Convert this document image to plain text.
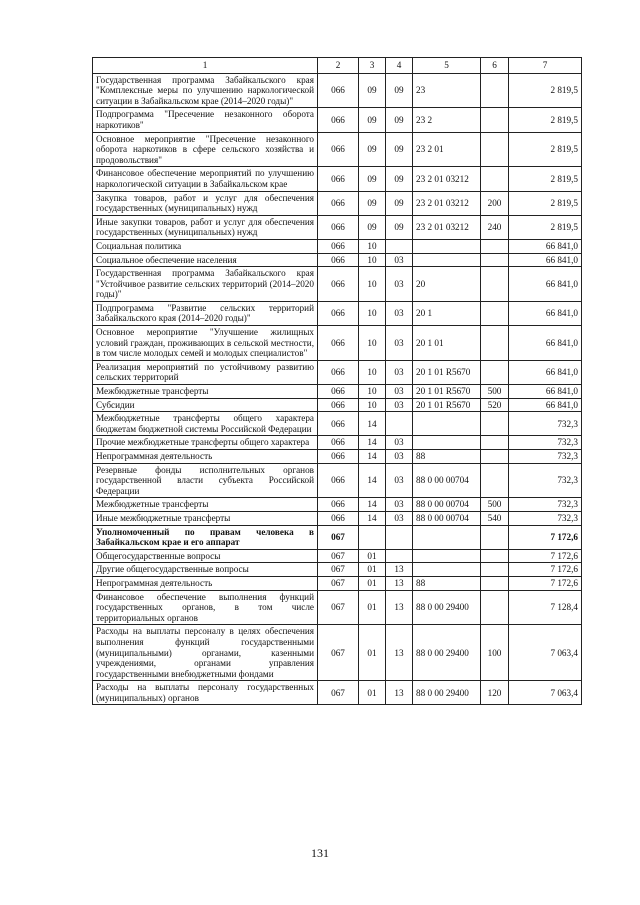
1	2	3	4	5	6	7
Государственная программа Забайкальского края "Комплексные меры по улучшению наркологической ситуации в Забайкальском крае (2014–2020 годы)"	066	09	09	23		2 819,5
Подпрограмма "Пресечение незаконного оборота наркотиков"	066	09	09	23 2		2 819,5
Основное мероприятие "Пресечение незаконного оборота наркотиков в сфере сельского хозяйства и продовольствия"	066	09	09	23 2 01		2 819,5
Финансовое обеспечение мероприятий по улучшению наркологической ситуации в Забайкальском крае	066	09	09	23 2 01 03212		2 819,5
Закупка товаров, работ и услуг для обеспечения государственных (муниципальных) нужд	066	09	09	23 2 01 03212	200	2 819,5
Иные закупки товаров, работ и услуг для обеспечения государственных (муниципальных) нужд	066	09	09	23 2 01 03212	240	2 819,5
Социальная политика	066	10				66 841,0
Социальное обеспечение населения	066	10	03			66 841,0
Государственная программа Забайкальского края "Устойчивое развитие сельских территорий (2014–2020 годы)"	066	10	03	20		66 841,0
Подпрограмма "Развитие сельских территорий Забайкальского края (2014–2020 годы)"	066	10	03	20 1		66 841,0
Основное мероприятие "Улучшение жилищных условий граждан, проживающих в сельской местности, в том числе молодых семей и молодых специалистов"	066	10	03	20 1 01		66 841,0
Реализация мероприятий по устойчивому развитию сельских территорий	066	10	03	20 1 01 R5670		66 841,0
Межбюджетные трансферты	066	10	03	20 1 01 R5670	500	66 841,0
Субсидии	066	10	03	20 1 01 R5670	520	66 841,0
Межбюджетные трансферты общего характера бюджетам бюджетной системы Российской Федерации	066	14				732,3
Прочие межбюджетные трансферты общего характера	066	14	03			732,3
Непрограммная деятельность	066	14	03	88		732,3
Резервные фонды исполнительных органов государственной власти субъекта Российской Федерации	066	14	03	88 0 00 00704		732,3
Межбюджетные трансферты	066	14	03	88 0 00 00704	500	732,3
Иные межбюджетные трансферты	066	14	03	88 0 00 00704	540	732,3
Уполномоченный по правам человека в Забайкальском крае и его аппарат	067					7 172,6
Общегосударственные вопросы	067	01				7 172,6
Другие общегосударственные вопросы	067	01	13			7 172,6
Непрограммная деятельность	067	01	13	88		7 172,6
Финансовое обеспечение выполнения функций государственных органов, в том числе территориальных органов	067	01	13	88 0 00 29400		7 128,4
Расходы на выплаты персоналу в целях обеспечения выполнения функций государственными (муниципальными) органами, казенными учреждениями, органами управления государственными внебюджетными фондами	067	01	13	88 0 00 29400	100	7 063,4
Расходы на выплаты персоналу государственных (муниципальных) органов	067	01	13	88 0 00 29400	120	7 063,4
131
